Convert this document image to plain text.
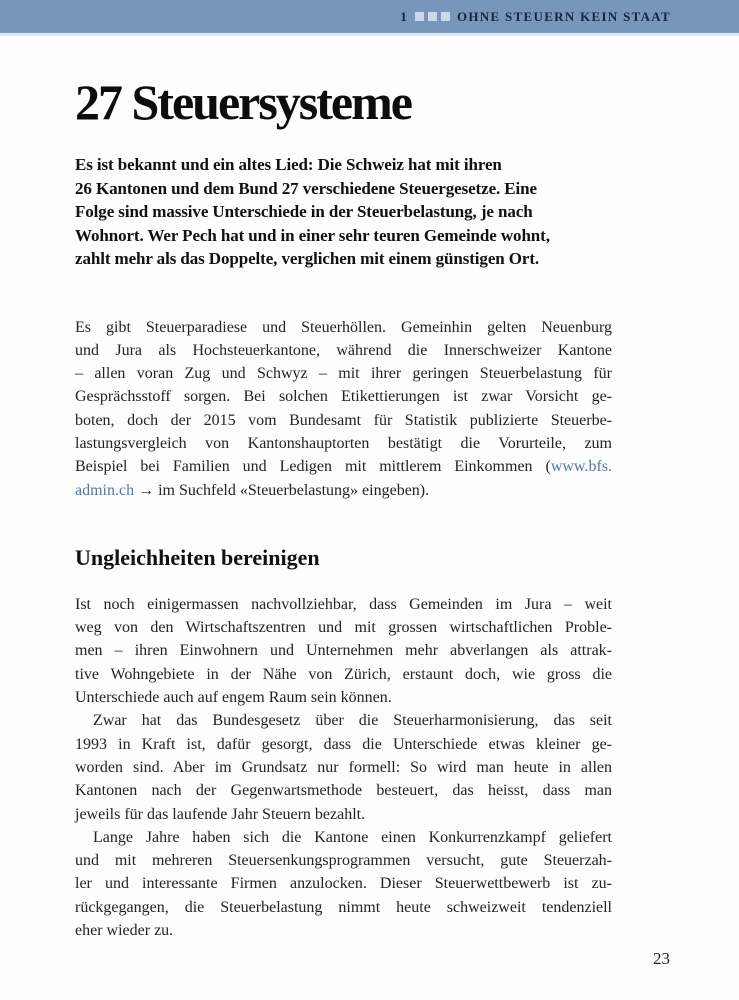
1	OHNE STEUERN KEIN STAAT
27 Steuersysteme
Es ist bekannt und ein altes Lied: Die Schweiz hat mit ihren
26 Kantonen und dem Bund 27 verschiedene Steuergesetze. Eine
Folge sind massive Unterschiede in der Steuerbelastung, je nach
Wohnort. Wer Pech hat und in einer sehr teuren Gemeinde wohnt,
zahlt mehr als das Doppelte, verglichen mit einem günstigen Ort.
Es gibt Steuerparadiese und Steuerhöllen. Gemeinhin gelten Neuenburg
und Jura als Hochsteuerkantone, während die Innerschweizer Kantone
– allen voran Zug und Schwyz – mit ihrer geringen Steuerbelastung für
Gesprächsstoff sorgen. Bei solchen Etikettierungen ist zwar Vorsicht ge-
boten, doch der 2015 vom Bundesamt für Statistik publizierte Steuerbe-
lastungsvergleich von Kantonshauptorten bestätigt die Vorurteile, zum
Beispiel bei Familien und Ledigen mit mittlerem Einkommen (www.bfs.
admin.ch → im Suchfeld «Steuerbelastung» eingeben).
Ungleichheiten bereinigen
Ist noch einigermassen nachvollziehbar, dass Gemeinden im Jura – weit
weg von den Wirtschaftszentren und mit grossen wirtschaftlichen Proble-
men – ihren Einwohnern und Unternehmen mehr abverlangen als attrak-
tive Wohngebiete in der Nähe von Zürich, erstaunt doch, wie gross die
Unterschiede auch auf engem Raum sein können.
Zwar hat das Bundesgesetz über die Steuerharmonisierung, das seit
1993 in Kraft ist, dafür gesorgt, dass die Unterschiede etwas kleiner ge-
worden sind. Aber im Grundsatz nur formell: So wird man heute in allen
Kantonen nach der Gegenwartsmethode besteuert, das heisst, dass man
jeweils für das laufende Jahr Steuern bezahlt.
Lange Jahre haben sich die Kantone einen Konkurrenzkampf geliefert
und mit mehreren Steuersenkungsprogrammen versucht, gute Steuerzah-
ler und interessante Firmen anzulocken. Dieser Steuerwettbewerb ist zu-
rückgegangen, die Steuerbelastung nimmt heute schweizweit tendenziell
eher wieder zu.
23
